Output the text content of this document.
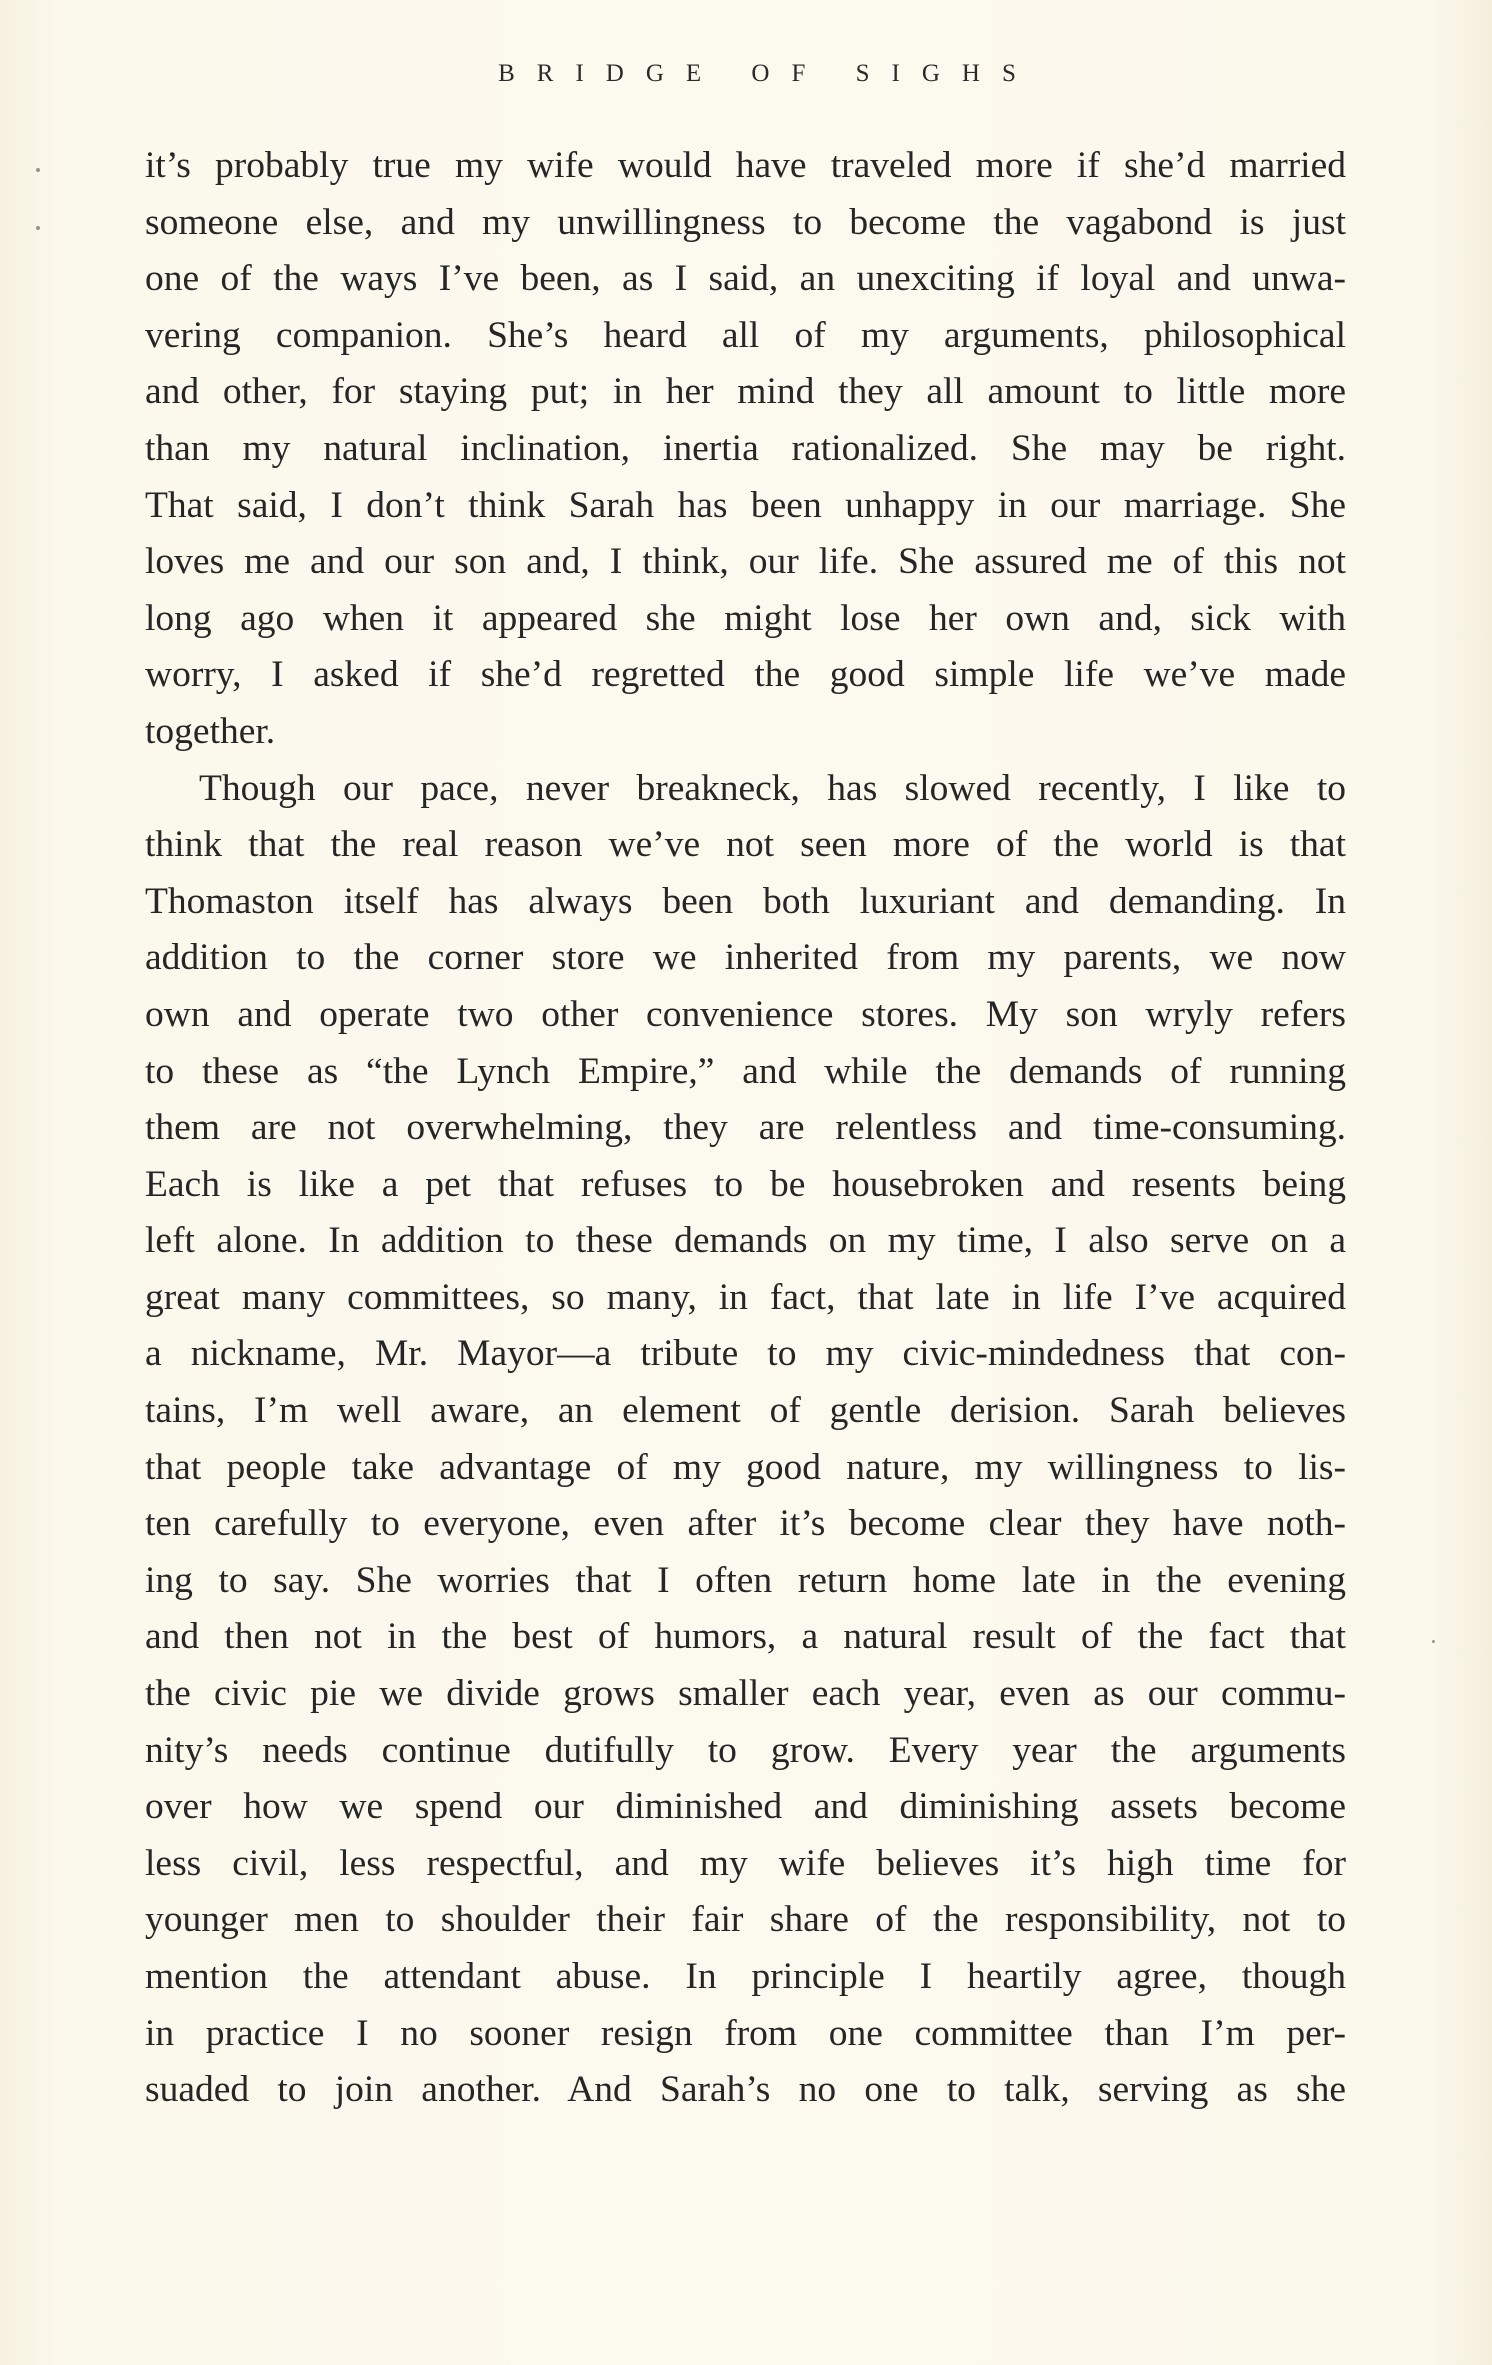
BRIDGE OF SIGHS
it’s probably true my wife would have traveled more if she’d married
someone else, and my unwillingness to become the vagabond is just
one of the ways I’ve been, as I said, an unexciting if loyal and unwa-
vering companion. She’s heard all of my arguments, philosophical
and other, for staying put; in her mind they all amount to little more
than my natural inclination, inertia rationalized. She may be right.
That said, I don’t think Sarah has been unhappy in our marriage. She
loves me and our son and, I think, our life. She assured me of this not
long ago when it appeared she might lose her own and, sick with
worry, I asked if she’d regretted the good simple life we’ve made
together.
Though our pace, never breakneck, has slowed recently, I like to
think that the real reason we’ve not seen more of the world is that
Thomaston itself has always been both luxuriant and demanding. In
addition to the corner store we inherited from my parents, we now
own and operate two other convenience stores. My son wryly refers
to these as “the Lynch Empire,” and while the demands of running
them are not overwhelming, they are relentless and time-consuming.
Each is like a pet that refuses to be housebroken and resents being
left alone. In addition to these demands on my time, I also serve on a
great many committees, so many, in fact, that late in life I’ve acquired
a nickname, Mr. Mayor—a tribute to my civic-mindedness that con-
tains, I’m well aware, an element of gentle derision. Sarah believes
that people take advantage of my good nature, my willingness to lis-
ten carefully to everyone, even after it’s become clear they have noth-
ing to say. She worries that I often return home late in the evening
and then not in the best of humors, a natural result of the fact that
the civic pie we divide grows smaller each year, even as our commu-
nity’s needs continue dutifully to grow. Every year the arguments
over how we spend our diminished and diminishing assets become
less civil, less respectful, and my wife believes it’s high time for
younger men to shoulder their fair share of the responsibility, not to
mention the attendant abuse. In principle I heartily agree, though
in practice I no sooner resign from one committee than I’m per-
suaded to join another. And Sarah’s no one to talk, serving as she
